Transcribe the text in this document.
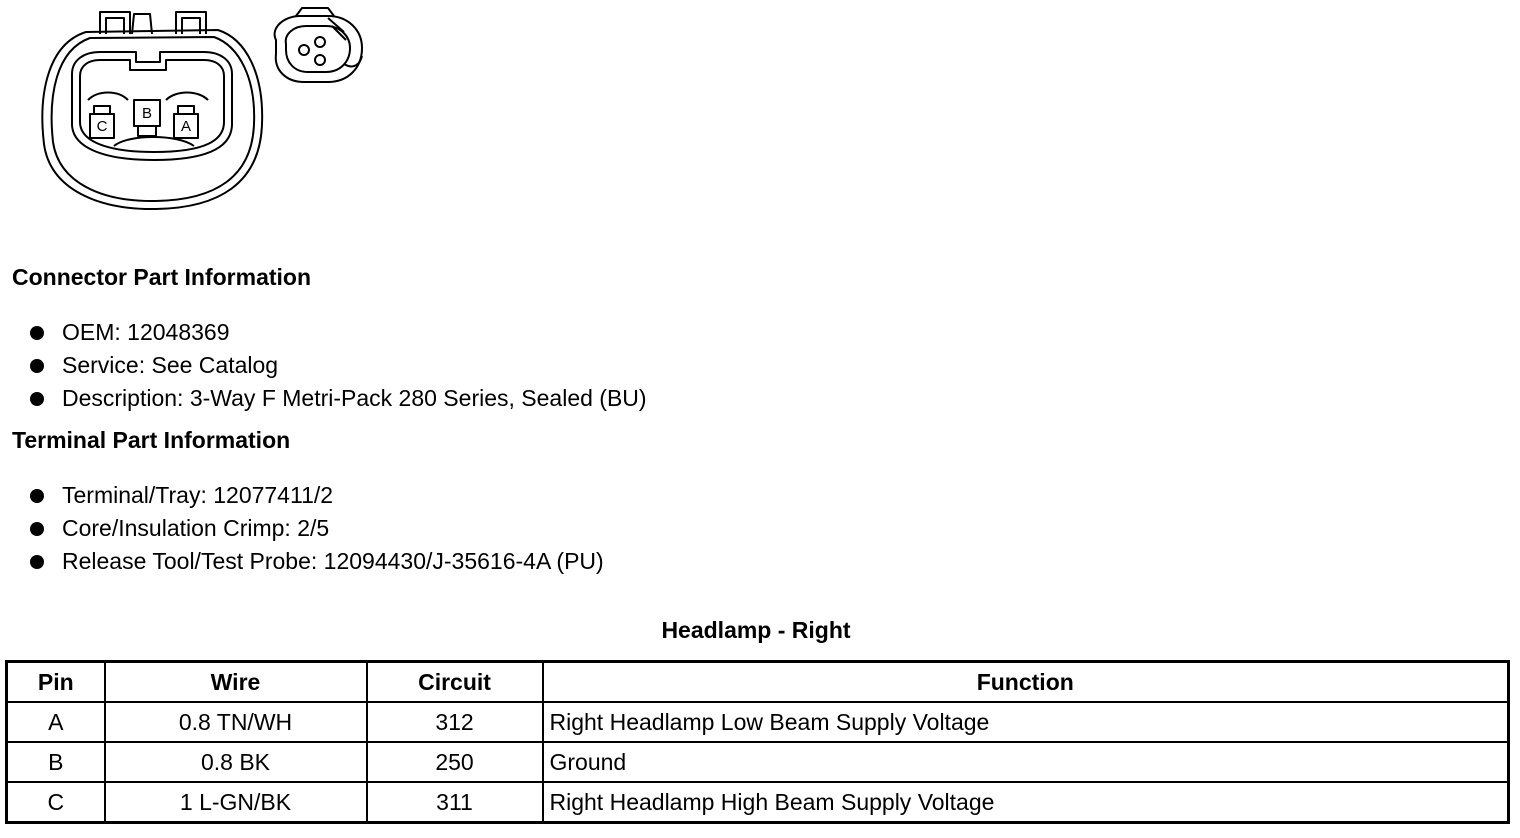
C
B
A
Connector Part Information
OEM: 12048369
Service: See Catalog
Description: 3-Way F Metri-Pack 280 Series, Sealed (BU)
Terminal Part Information
Terminal/Tray: 12077411/2
Core/Insulation Crimp: 2/5
Release Tool/Test Probe: 12094430/J-35616-4A (PU)
Headlamp - Right
Pin	Wire	Circuit	Function
A	0.8 TN/WH	312	Right Headlamp Low Beam Supply Voltage
B	0.8 BK	250	Ground
C	1 L-GN/BK	311	Right Headlamp High Beam Supply Voltage
